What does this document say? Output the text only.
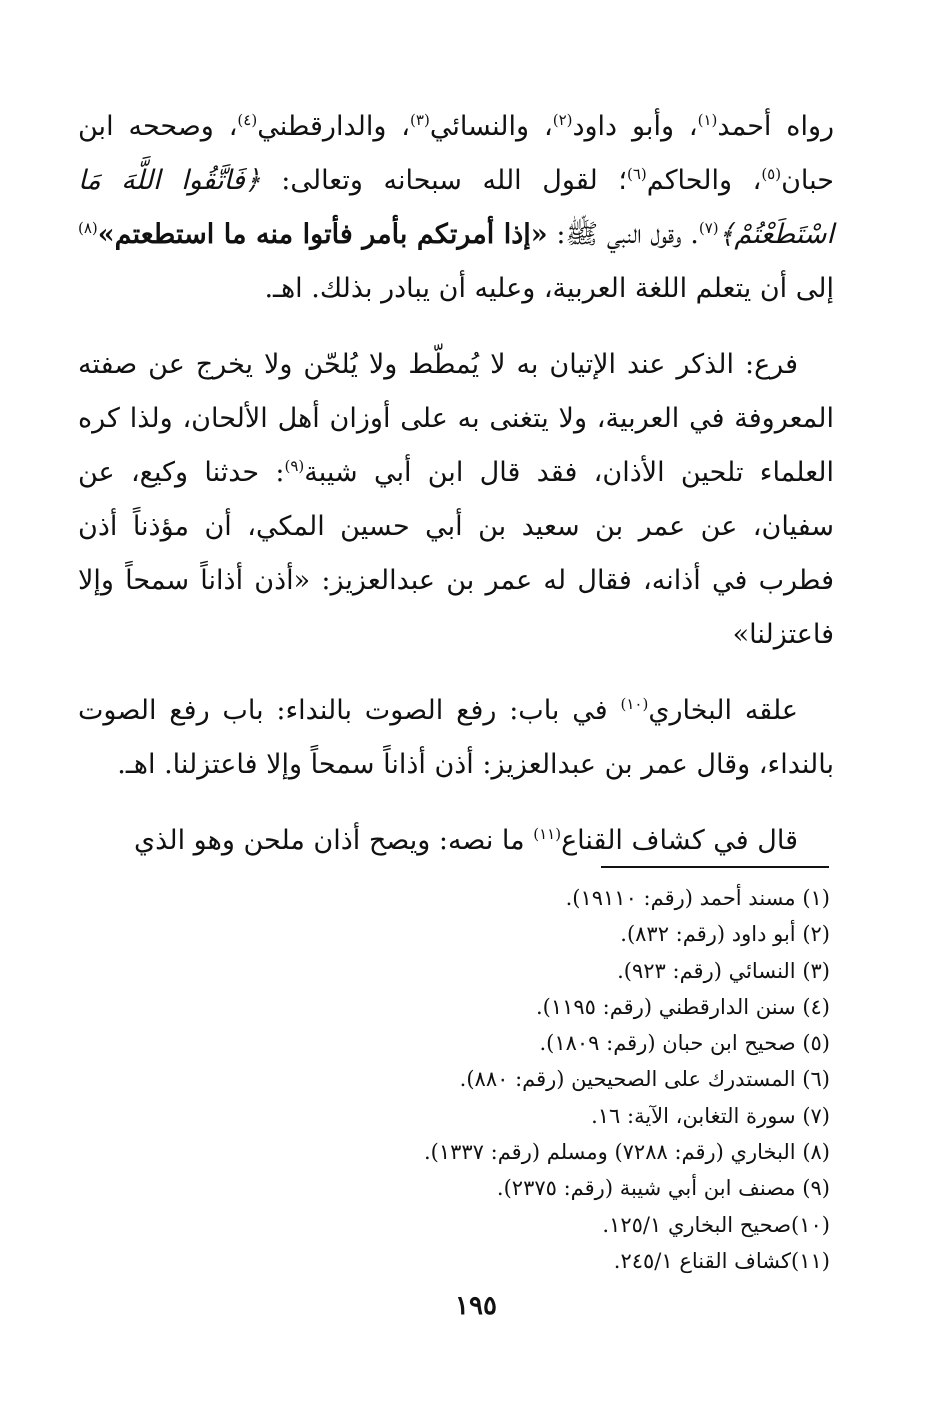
رواه أحمد$^{(١)}$، وأبو داود$^{(٢)}$، والنسائي$^{(٣)}$، والدارقطني$^{(٤)}$، وصححه ابن حبان$^{(٥)}$، والحاكم$^{(٦)}$؛ لقول الله سبحانه وتعالى: ﴿فَاتَّقُوا اللَّهَ مَا اسْتَطَعْتُمْ﴾$^{(٧)}$. وقول النبي ﷺ: «إذا أمرتكم بأمر فأتوا منه ما استطعتم»$^{(٨)}$ إلى أن يتعلم اللغة العربية، وعليه أن يبادر بذلك. اهـ.

فرع: الذكر عند الإتيان به لا يُمطّط ولا يُلحّن ولا يخرج عن صفته المعروفة في العربية، ولا يتغنى به على أوزان أهل الألحان، ولذا كره العلماء تلحين الأذان، فقد قال ابن أبي شيبة$^{(٩)}$: حدثنا وكيع، عن سفيان، عن عمر بن سعيد بن أبي حسين المكي، أن مؤذناً أذن فطرب في أذانه، فقال له عمر بن عبدالعزيز: «أذن أذاناً سمحاً وإلا فاعتزلنا»

علقه البخاري$^{(١٠)}$ في باب: رفع الصوت بالنداء: باب رفع الصوت بالنداء، وقال عمر بن عبدالعزيز: أذن أذاناً سمحاً وإلا فاعتزلنا. اهـ.

قال في كشاف القناع$^{(١١)}$ ما نصه: ويصح أذان ملحن وهو الذي

(١) مسند أحمد (رقم: ١٩١١٠).
(٢) أبو داود (رقم: ٨٣٢).
(٣) النسائي (رقم: ٩٢٣).
(٤) سنن الدارقطني (رقم: ١١٩٥).
(٥) صحيح ابن حبان (رقم: ١٨٠٩).
(٦) المستدرك على الصحيحين (رقم: ٨٨٠).
(٧) سورة التغابن، الآية: ١٦.
(٨) البخاري (رقم: ٧٢٨٨) ومسلم (رقم: ١٣٣٧).
(٩) مصنف ابن أبي شيبة (رقم: ٢٣٧٥).
(١٠)صحيح البخاري ١٢٥/١.
(١١)كشاف القناع ٢٤٥/١.
١٩٥
